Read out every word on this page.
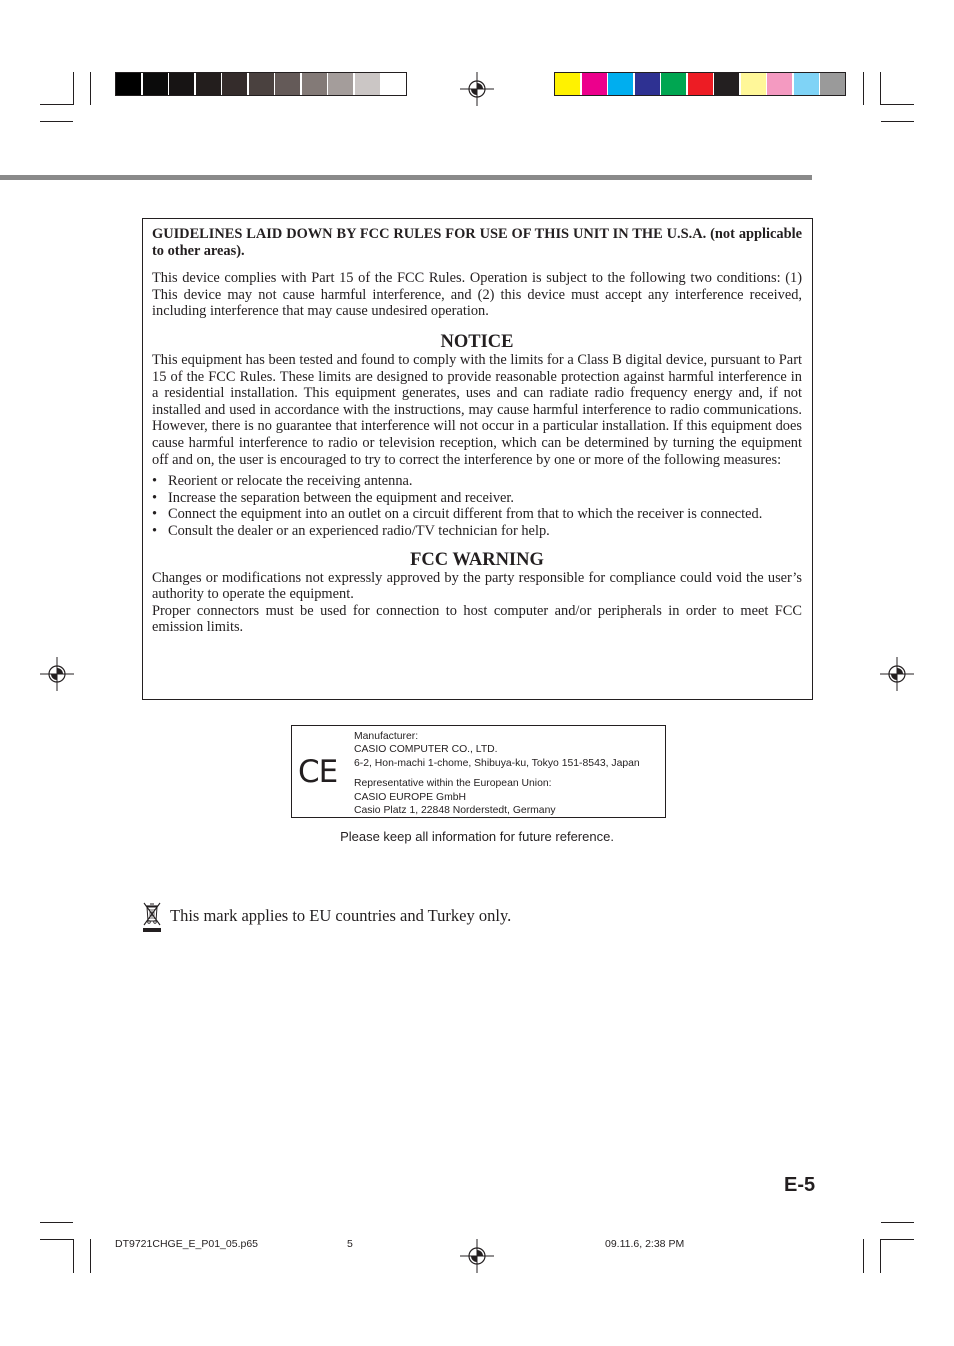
GUIDELINES LAID DOWN BY FCC RULES FOR USE OF THIS UNIT IN THE U.S.A. (not applicable to other areas).

This device complies with Part 15 of the FCC Rules. Operation is subject to the following two conditions: (1) This device may not cause harmful interference, and (2) this device must accept any interference received, including interference that may cause undesired operation.

NOTICE

This equipment has been tested and found to comply with the limits for a Class B digital device, pursuant to Part 15 of the FCC Rules. These limits are designed to provide reasonable protection against harmful interference in a residential installation. This equipment generates, uses and can radiate radio frequency energy and, if not installed and used in accordance with the instructions, may cause harmful interference to radio communications. However, there is no guarantee that interference will not occur in a particular installation. If this equipment does cause harmful interference to radio or television reception, which can be determined by turning the equipment off and on, the user is encouraged to try to correct the interference by one or more of the following measures:

• Reorient or relocate the receiving antenna.
• Increase the separation between the equipment and receiver.
• Connect the equipment into an outlet on a circuit different from that to which the receiver is connected.
• Consult the dealer or an experienced radio/TV technician for help.
FCC WARNING

Changes or modifications not expressly approved by the party responsible for compliance could void the user’s authority to operate the equipment.

Proper connectors must be used for connection to host computer and/or peripherals in order to meet FCC emission limits.

CE
Manufacturer:
CASIO COMPUTER CO., LTD.
6-2, Hon-machi 1-chome, Shibuya-ku, Tokyo 151-8543, Japan
Representative within the European Union:
CASIO EUROPE GmbH
Casio Platz 1, 22848 Norderstedt, Germany
Please keep all information for future reference.
This mark applies to EU countries and Turkey only.
E-5
DT9721CHGE_E_P01_05.p65	5	09.11.6, 2:38 PM
